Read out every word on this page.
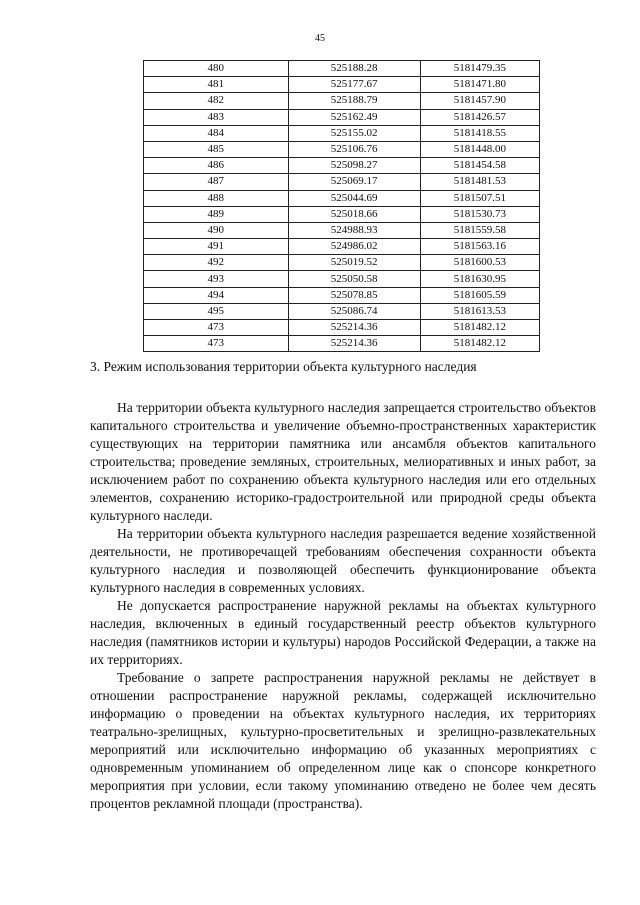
45
480	525188.28	5181479.35
481	525177.67	5181471.80
482	525188.79	5181457.90
483	525162.49	5181426.57
484	525155.02	5181418.55
485	525106.76	5181448.00
486	525098.27	5181454.58
487	525069.17	5181481.53
488	525044.69	5181507.51
489	525018.66	5181530.73
490	524988.93	5181559.58
491	524986.02	5181563.16
492	525019.52	5181600.53
493	525050.58	5181630.95
494	525078.85	5181605.59
495	525086.74	5181613.53
473	525214.36	5181482.12
473	525214.36	5181482.12
3. Режим использования территории объекта культурного наследия

На территории объекта культурного наследия запрещается строительство объектов капитального строительства и увеличение объемно-пространственных характеристик существующих на территории памятника или ансамбля объектов капитального строительства; проведение земляных, строительных, мелиоративных и иных работ, за исключением работ по сохранению объекта культурного наследия или его отдельных элементов, сохранению историко-градостроительной или природной среды объекта культурного наследи.

На территории объекта культурного наследия разрешается ведение хозяйственной деятельности, не противоречащей требованиям обеспечения сохранности объекта культурного наследия и позволяющей обеспечить функционирование объекта культурного наследия в современных условиях.

Не допускается распространение наружной рекламы на объектах культурного наследия, включенных в единый государственный реестр объектов культурного наследия (памятников истории и культуры) народов Российской Федерации, а также на их территориях.

Требование о запрете распространения наружной рекламы не действует в отношении распространение наружной рекламы, содержащей исключительно информацию о проведении на объектах культурного наследия, их территориях театрально-зрелищных, культурно-просветительных и зрелищно-развлекательных мероприятий или исключительно информацию об указанных мероприятиях с одновременным упоминанием об определенном лице как о спонсоре конкретного мероприятия при условии, если такому упоминанию отведено не более чем десять процентов рекламной площади (пространства).
